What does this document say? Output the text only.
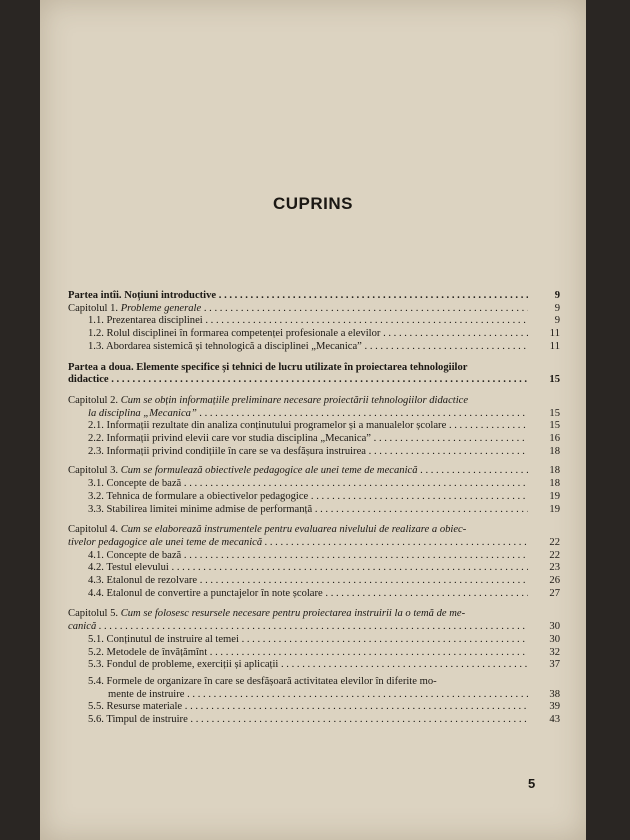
CUPRINS
Partea intîi. Noțiuni introductive . . .	9
Capitolul 1. Probleme generale . . .	9
1.1. Prezentarea disciplinei . . .	9
1.2. Rolul disciplinei în formarea competenței profesionale a elevilor . . .	11
1.3. Abordarea sistemică și tehnologică a disciplinei „Mecanica” . . .	11
Partea a doua. Elemente specifice și tehnici de lucru utilizate în proiectarea tehnologiilor
didactice . . .	15
Capitolul 2. Cum se obțin informațiile preliminare necesare proiectării tehnologiilor didactice
la disciplina „Mecanica” . . .	15
2.1. Informații rezultate din analiza conținutului programelor și a manualelor școlare . . .	15
2.2. Informații privind elevii care vor studia disciplina „Mecanica” . . .	16
2.3. Informații privind condițiile în care se va desfășura instruirea . . .	18
Capitolul 3. Cum se formulează obiectivele pedagogice ale unei teme de mecanică . . .	18
3.1. Concepte de bază . . .	18
3.2. Tehnica de formulare a obiectivelor pedagogice . . .	19
3.3. Stabilirea limitei minime admise de performanță . . .	19
Capitolul 4. Cum se elaborează instrumentele pentru evaluarea nivelului de realizare a obiec-
tivelor pedagogice ale unei teme de mecanică . . .	22
4.1. Concepte de bază . . .	22
4.2. Testul elevului . . .	23
4.3. Etalonul de rezolvare . . .	26
4.4. Etalonul de convertire a punctajelor în note școlare . . .	27
Capitolul 5. Cum se folosesc resursele necesare pentru proiectarea instruirii la o temă de me-
canică . . .	30
5.1. Conținutul de instruire al temei . . .	30
5.2. Metodele de învățămînt . . .	32
5.3. Fondul de probleme, exerciții și aplicații . . .	37
5.4. Formele de organizare în care se desfășoară activitatea elevilor în diferite mo-
mente de instruire . . .	38
5.5. Resurse materiale . . .	39
5.6. Timpul de instruire . . .	43
5
